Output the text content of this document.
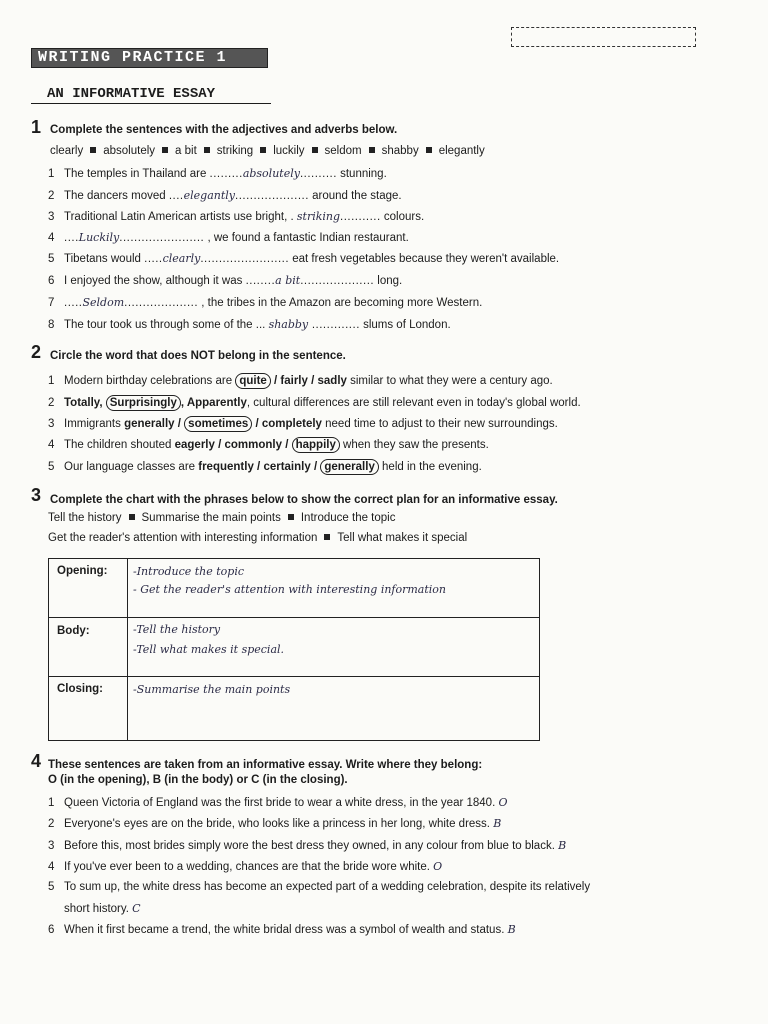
WRITING PRACTICE 1
AN INFORMATIVE ESSAY
1 Complete the sentences with the adjectives and adverbs below.
clearly absolutely a bit striking luckily seldom shabby elegantly
1 The temples in Thailand are .........absolutely.......... stunning.
2 The dancers moved ....elegantly.................... around the stage.
3 Traditional Latin American artists use bright, . striking........... colours.
4 ....Luckily....................... , we found a fantastic Indian restaurant.
5 Tibetans would .....clearly........................ eat fresh vegetables because they weren't available.
6 I enjoyed the show, although it was ........a bit.................... long.
7 .....Seldom.................... , the tribes in the Amazon are becoming more Western.
8 The tour took us through some of the ... shabby ............. slums of London.
2 Circle the word that does NOT belong in the sentence.
1 Modern birthday celebrations are quite / fairly / sadly similar to what they were a century ago.
2 Totally, Surprisingly , Apparently, cultural differences are still relevant even in today's global world.
3 Immigrants generally / sometimes / completely need time to adjust to their new surroundings.
4 The children shouted eagerly / commonly / happily when they saw the presents.
5 Our language classes are frequently / certainly / generally held in the evening.
3 Complete the chart with the phrases below to show the correct plan for an informative essay.
Tell the history Summarise the main points Introduce the topic
Get the reader's attention with interesting information Tell what makes it special
Opening: -Introduce the topic
- Get the reader's attention with interesting information
Body:	-Tell the history
-Tell what makes it special.
Closing:	-Summarise the main points
4 These sentences are taken from an informative essay. Write where they belong:
O (in the opening), B (in the body) or C (in the closing).
1 Queen Victoria of England was the first bride to wear a white dress, in the year 1840. O
2 Everyone's eyes are on the bride, who looks like a princess in her long, white dress. B
3 Before this, most brides simply wore the best dress they owned, in any colour from blue to black. B
4 If you've ever been to a wedding, chances are that the bride wore white. O
5 To sum up, the white dress has become an expected part of a wedding celebration, despite its relatively
short history. C
6 When it first became a trend, the white bridal dress was a symbol of wealth and status. B
